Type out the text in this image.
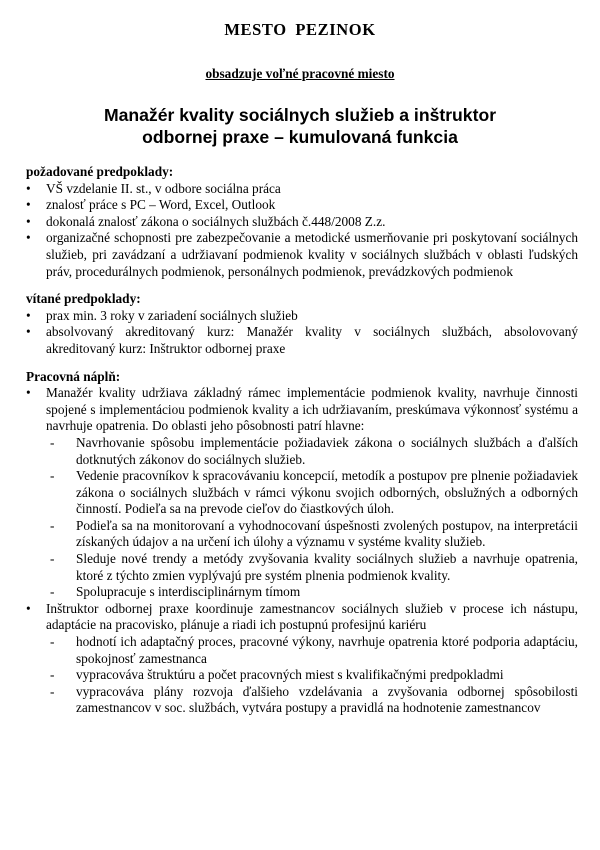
MESTO PEZINOK
obsadzuje voľné pracovné miesto
Manažér kvality sociálnych služieb a inštruktor
odbornej praxe – kumulovaná funkcia

požadované predpoklady:

•	VŠ vzdelanie II. st., v odbore sociálna práca
•	znalosť práce s PC – Word, Excel, Outlook
•	dokonalá znalosť zákona o sociálnych službách č.448/2008 Z.z.
•	organizačné schopnosti pre zabezpečovanie a metodické usmerňovanie pri poskytovaní sociálnych služieb, pri zavádzaní a udržiavaní podmienok kvality v sociálnych službách v oblasti ľudských práv, procedurálnych podmienok, personálnych podmienok, prevádzkových podmienok

vítané predpoklady:

•	prax min. 3 roky v zariadení sociálnych služieb
•	absolvovaný akreditovaný kurz: Manažér kvality v sociálnych službách, absolovovaný akreditovaný kurz: Inštruktor odbornej praxe

Pracovná náplň:

•	Manažér kvality udržiava základný rámec implementácie podmienok kvality, navrhuje činnosti spojené s implementáciou podmienok kvality a ich udržiavaním, preskúmava výkonnosť systému a navrhuje opatrenia. Do oblasti jeho pôsobnosti patrí hlavne:
-	Navrhovanie spôsobu implementácie požiadaviek zákona o sociálnych službách a ďalších dotknutých zákonov do sociálnych služieb.
-	Vedenie pracovníkov k spracovávaniu koncepcií, metodík a postupov pre plnenie požiadaviek zákona o sociálnych službách v rámci výkonu svojich odborných, obslužných a odborných činností. Podieľa sa na prevode cieľov do čiastkových úloh.
-	Podieľa sa na monitorovaní a vyhodnocovaní úspešnosti zvolených postupov, na interpretácii získaných údajov a na určení ich úlohy a významu v systéme kvality služieb.
-	Sleduje nové trendy a metódy zvyšovania kvality sociálnych služieb a navrhuje opatrenia, ktoré z týchto zmien vyplývajú pre systém plnenia podmienok kvality.
-	Spolupracuje s interdisciplinárnym tímom
•	Inštruktor odbornej praxe koordinuje zamestnancov sociálnych služieb v procese ich nástupu, adaptácie na pracovisko, plánuje a riadi ich postupnú profesijnú kariéru
-	hodnotí ich adaptačný proces, pracovné výkony, navrhuje opatrenia ktoré podporia adaptáciu, spokojnosť zamestnanca
-	vypracováva štruktúru a počet pracovných miest s kvalifikačnými predpokladmi
-	vypracováva plány rozvoja ďalšieho vzdelávania a zvyšovania odbornej spôsobilosti zamestnancov v soc. službách, vytvára postupy a pravidlá na hodnotenie zamestnancov
